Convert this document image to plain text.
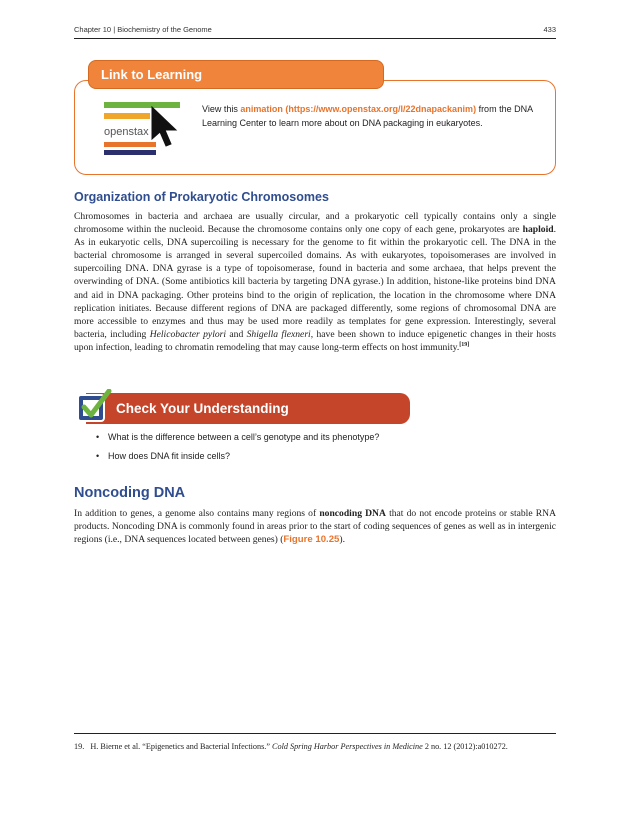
Chapter 10 | Biochemistry of the Genome	433
Link to Learning
openstax
View this animation (https://www.openstax.org/l/22dnapackanim) from the DNA Learning Center to learn more about on DNA packaging in eukaryotes.
Organization of Prokaryotic Chromosomes

Chromosomes in bacteria and archaea are usually circular, and a prokaryotic cell typically contains only a single chromosome within the nucleoid. Because the chromosome contains only one copy of each gene, prokaryotes are haploid. As in eukaryotic cells, DNA supercoiling is necessary for the genome to fit within the prokaryotic cell. The DNA in the bacterial chromosome is arranged in several supercoiled domains. As with eukaryotes, topoisomerases are involved in supercoiling DNA. DNA gyrase is a type of topoisomerase, found in bacteria and some archaea, that helps prevent the overwinding of DNA. (Some antibiotics kill bacteria by targeting DNA gyrase.) In addition, histone-like proteins bind DNA and aid in DNA packaging. Other proteins bind to the origin of replication, the location in the chromosome where DNA replication initiates. Because different regions of DNA are packaged differently, some regions of chromosomal DNA are more accessible to enzymes and thus may be used more readily as templates for gene expression. Interestingly, several bacteria, including Helicobacter pylori and Shigella flexneri, have been shown to induce epigenetic changes in their hosts upon infection, leading to chromatin remodeling that may cause long-term effects on host immunity.[19]

Check Your Understanding
• What is the difference between a cell’s genotype and its phenotype?
• How does DNA fit inside cells?
Noncoding DNA

In addition to genes, a genome also contains many regions of noncoding DNA that do not encode proteins or stable RNA products. Noncoding DNA is commonly found in areas prior to the start of coding sequences of genes as well as in intergenic regions (i.e., DNA sequences located between genes) (Figure 10.25).

19. H. Bierne et al. “Epigenetics and Bacterial Infections.” Cold Spring Harbor Perspectives in Medicine 2 no. 12 (2012):a010272.
